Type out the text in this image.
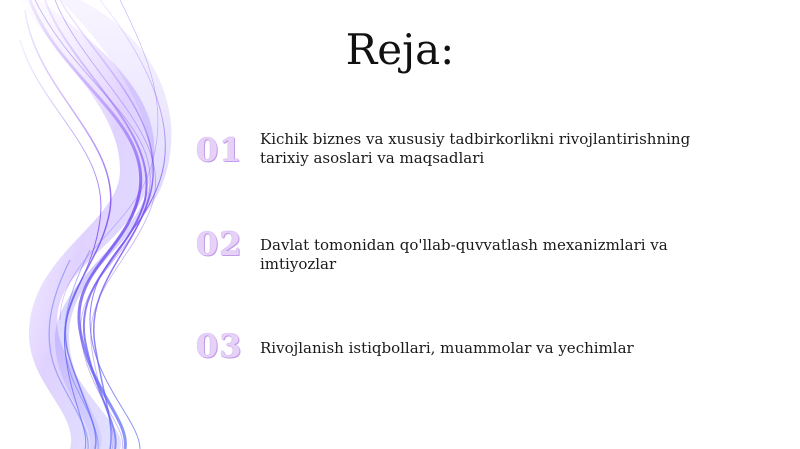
Reja:
01	Kichik biznes va xususiy tadbirkorlikni rivojlantirishning tarixiy asoslari va maqsadlari
02	Davlat tomonidan qo'llab-quvvatlash mexanizmlari va imtiyozlar
03	Rivojlanish istiqbollari, muammolar va yechimlar
